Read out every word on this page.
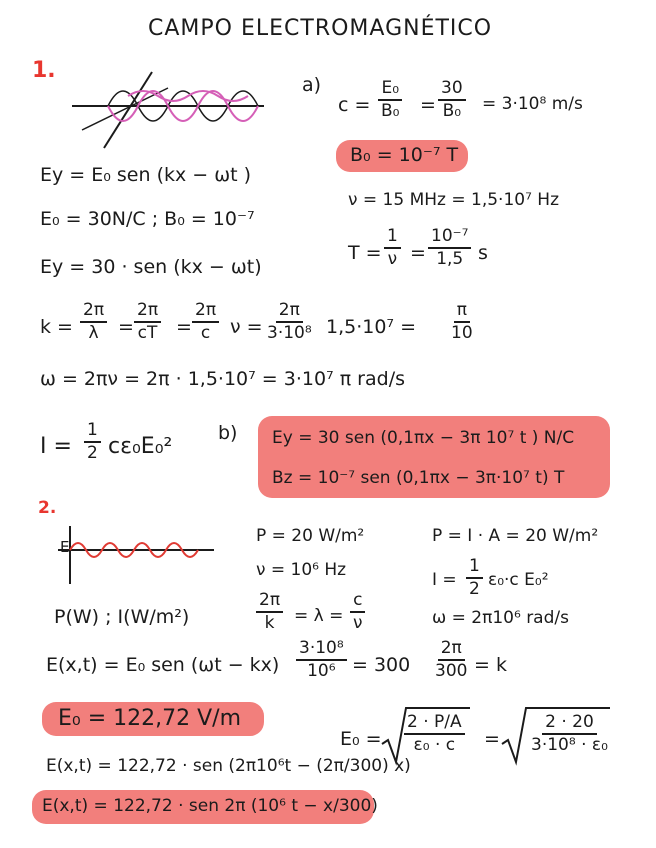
CAMPO ELECTROMAGNÉTICO
1.
a)
$c = \frac{\text{E₀}}{\text{B₀}} = \frac{30}{\text{B₀}} = 3\cdot 10^8$ m/s
B₀ = 10⁻⁷ T
Ey = E₀ sen (kx − ωt )
ν = 15 MHz = 1,5·10⁷ Hz
E₀ = 30N/C ; B₀ = 10⁻⁷
$T = \frac{1}{\nu} = \frac{\text{10⁻⁷}}{1,5}$ s
Ey = 30 · sen (kx − ωt)
$k = \frac{2\pi}{\lambda} = \frac{2\pi}{cT} = \frac{2\pi}{c}$ $\nu = \frac{2\pi}{\text{3·10⁸}} 1,5\cdot 10^7 = \frac{\pi}{10}$
ω = 2πν = 2π · 1,5·10⁷ = 3·10⁷ π rad/s
$I = \frac{1}{2} c\varepsilon_0E_0^2$
b) Ey = 30 sen (0,1πx − 3π 10⁷ t ) N/C
Bz = 10⁻⁷ sen (0,1πx − 3π·10⁷ t) T
2.
E
P = 20 W/m²	P = I · A = 20 W/m²
ν = 10⁶ Hz	$I = \frac{1}{2} \varepsilon_0\cdot c$ E₀²
P(W) ; I(W/m²)	$\frac{2\pi}{k} = \lambda = \frac{c}{\nu}$	ω = 2π10⁶ rad/s
E(x,t) = E₀ sen $(\omega t - kx) \frac{\text{3·10⁸}}{\text{10⁶}} = 300 \frac{2\pi}{300} = k$
E₀ = 122,72 V/m
$E_0 = \frac{2 \cdot P/A}{\text{ε₀ · c}} = \frac{2 \cdot 20}{\text{3·10⁸ · ε₀}}$
E(x,t) = 122,72 · sen (2π10⁶t − (2π/300) x)
E(x,t) = 122,72 · sen 2π (10⁶ t − x/300)
